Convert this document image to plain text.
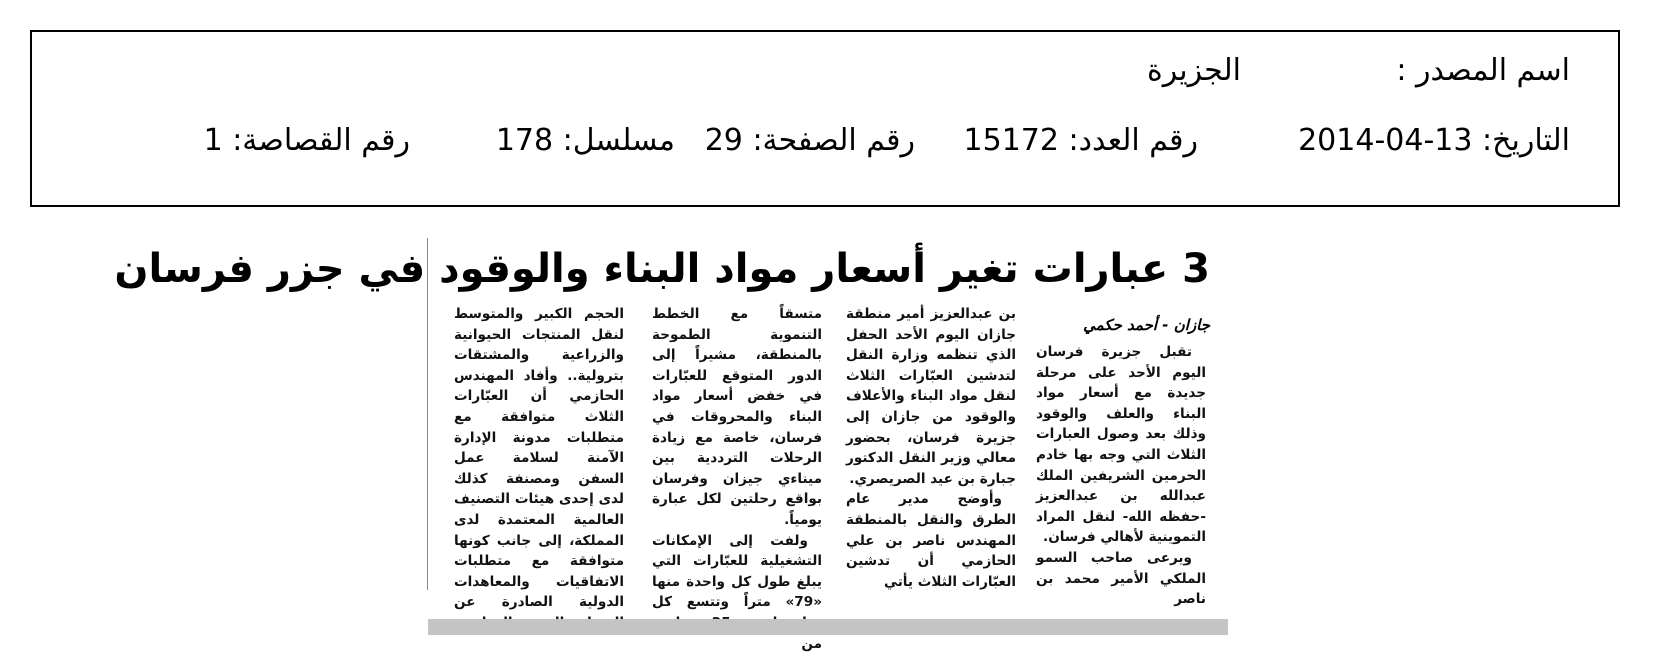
اسم المصدر :
الجزيرة
التاريخ: 13-04-2014
رقم العدد: 15172
رقم الصفحة: 29
مسلسل: 178
رقم القصاصة: 1
3 عبارات تغير أسعار مواد البناء والوقود في جزر فرسان
جازان - أحمد حكمي

تقبل جزيرة فرسان اليوم الأحد على مرحلة جديدة مع أسعار مواد البناء والعلف والوقود وذلك بعد وصول العبارات الثلاث التي وجه بها خادم الحرمين الشريفين الملك عبدالله بن عبدالعزيز -حفظه الله- لنقل المراد التموينية لأهالي فرسان.

ويرعى صاحب السمو الملكي الأمير محمد بن ناصر

بن عبدالعزيز أمير منطقة جازان اليوم الأحد الحفل الذي تنظمه وزارة النقل لتدشين العبّارات الثلاث لنقل مواد البناء والأعلاف والوقود من جازان إلى جزيرة فرسان، بحضور معالي وزير النقل الدكتور جبارة بن عيد الصريصري.

وأوضح مدير عام الطرق والنقل بالمنطقة المهندس ناصر بن علي الحازمي أن تدشين العبّارات الثلاث يأتي

متسقاً مع الخطط التنموية الطموحة بالمنطقة، مشيراً إلى الدور المتوقع للعبّارات في خفض أسعار مواد البناء والمحروقات في فرسان، خاصة مع زيادة الرحلات الترددية بين ميناءي جيزان وفرسان بواقع رحلتين لكل عبارة يومياً.

ولفت إلى الإمكانات التشغيلية للعبّارات التي يبلغ طول كل واحدة منها «79» متراً وتتسع كل من

الحجم الكبير والمتوسط لنقل المنتجات الحيوانية والزراعية والمشتقات بترولية.. وأفاد المهندس الحازمي أن العبّارات الثلاث متوافقة مع متطلبات مدونة الإدارة الآمنة لسلامة عمل السفن ومصنفة كذلك لدى إحدى هيئات التصنيف العالمية المعتمدة لدى المملكة، إلى جانب كونها متوافقة مع متطلبات الاتفاقيات والمعاهدات الدولية الصادرة عن
